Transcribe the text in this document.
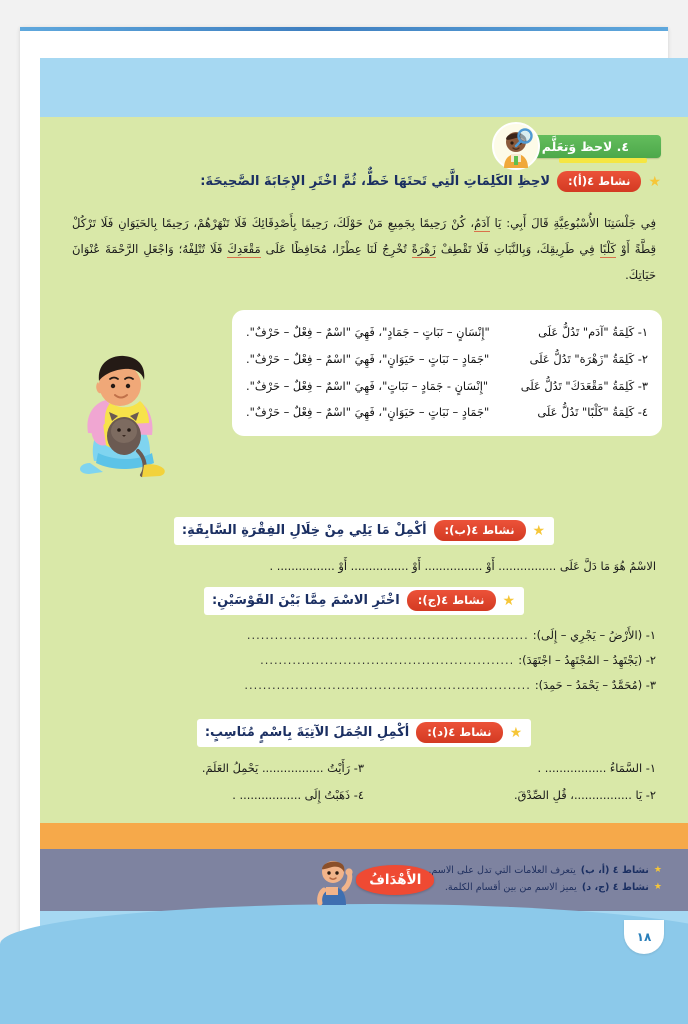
٤. لاحظ وَتعَلَّم
★
نشاط ٤(أ):
لاحِظِ الكَلِمَاتِ الَّتِي تَحتَهَا خَطٌّ، ثُمَّ اخْتَرِ الإِجَابَةَ الصَّحِيحَةَ:
فِي جَلْسَتِنَا الأُسْبُوعِيَّةِ قَالَ أَبِي: يَا آدَمُ، كُنْ رَحِيمًا بِجَمِيعِ مَنْ حَوْلَكَ، رَحِيمًا بِأَصْدِقَائِكَ فَلَا تَنْهَرْهُمْ، رَحِيمًا بِالحَيَوَانِ فَلَا تَرْكُلْ قِطَّةً أَوْ كَلْبًا فِي طَرِيقِكَ، وَبِالنَّبَاتِ فَلَا تَقْطِفْ زَهْرَةً تُخْرِجُ لَنَا عِطْرًا، مُحَافِظًا عَلَى مَقْعَدِكَ فَلَا تُتْلِفْهُ؛ وَاجْعَلِ الرَّحْمَةَ عُنْوَانَ حَيَاتِكَ.
١- كَلِمَةُ "آدَم" تَدُلُّ عَلَى
"إِنْسَانٍ – نَبَاتٍ – جَمَادٍ"، فَهِيَ "اسْمٌ – فِعْلٌ – حَرْفٌ".
٢- كَلِمَةُ "زَهْرَة" تَدُلُّ عَلَى
"جَمَادٍ – نَبَاتٍ – حَيَوَانٍ"، فَهِيَ "اسْمٌ – فِعْلٌ – حَرْفٌ".
٣- كَلِمَةُ "مَقْعَدَكَ" تَدُلُّ عَلَى
"إِنْسَانٍ - جَمَادٍ – نَبَاتٍ"، فَهِيَ "اسْمٌ – فِعْلٌ – حَرْفٌ".
٤- كَلِمَةُ "كَلْبًا" تَدُلُّ عَلَى
"جَمَادٍ – نَبَاتٍ – حَيَوَانٍ"، فَهِيَ "اسْمٌ – فِعْلٌ – حَرْفٌ".
★
نشاط ٤(ب):
أكْمِلْ مَا يَلِي مِنْ خِلَالِ الفِقْرَةِ السَّابِقَةِ:
الاسْمُ هُوَ مَا دَلَّ عَلَى ................ أَوْ ................ أَوْ ................ أَوْ ................ .
★
نشاط ٤(ج):
اخْتَرِ الاسْمَ مِمَّا بَيْنَ القَوْسَيْنِ:
١- (الأَرْضُ – يَجْرِي – إِلَى):
.............................................................
٢- (يَجْتَهِدُ – المُجْتَهِدُ – اجْتَهَدَ):
.......................................................
٣- (مُحَمَّدٌ – يَحْمَدُ – حَمِدَ):
..............................................................
★
نشاط ٤(د):
أكْمِلِ الجُمَلَ الآتِيَةَ بِاسْمٍ مُنَاسِبٍ:
١- السَّمَاءُ ................. .
٣- رَأَيْتُ ................. يَحْمِلُ العَلَمَ.
٢- يَا ................، قُلِ الصِّدْقَ.
٤- ذَهَبْتُ إِلَى ................. .
★
نشاط ٤ (أ، ب)
يتعرف العلامات التي تدل على الاسم.
★
نشاط ٤ (ج، د)
يميز الاسم من بين أقسام الكلمة.
الأَهْدَافُ
١٨
